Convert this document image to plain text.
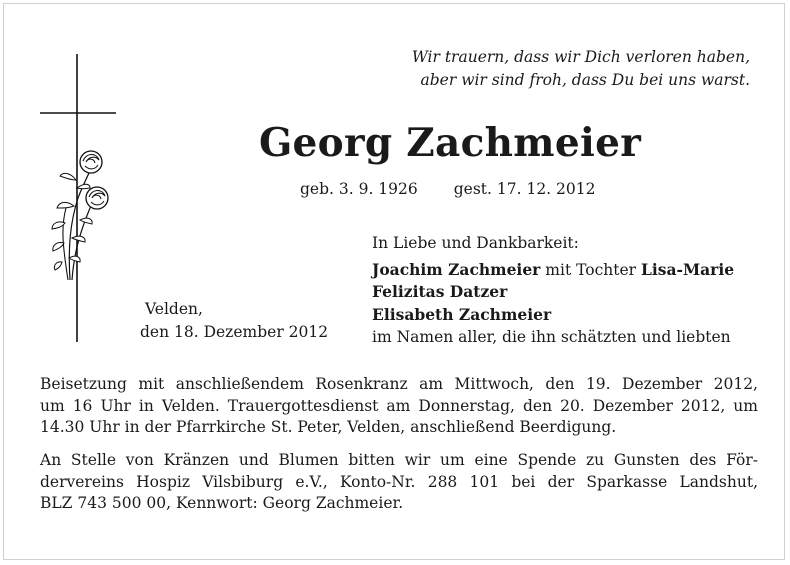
Wir trauern, dass wir Dich verloren haben,
aber wir sind froh, dass Du bei uns warst.
Georg Zachmeier
geb. 3. 9. 1926 gest. 17. 12. 2012
In Liebe und Dankbarkeit:
Joachim Zachmeier mit Tochter Lisa-Marie
Felizitas Datzer
Elisabeth Zachmeier
im Namen aller, die ihn schätzten und liebten
Velden,
den 18. Dezember 2012
Beisetzung mit anschließendem Rosenkranz am Mittwoch, den 19. Dezember 2012,
um 16 Uhr in Velden. Trauergottesdienst am Donnerstag, den 20. Dezember 2012, um
14.30 Uhr in der Pfarrkirche St. Peter, Velden, anschließend Beerdigung.
An Stelle von Kränzen und Blumen bitten wir um eine Spende zu Gunsten des För-
dervereins Hospiz Vilsbiburg e.V., Konto-Nr. 288 101 bei der Sparkasse Landshut,
BLZ 743 500 00, Kennwort: Georg Zachmeier.
